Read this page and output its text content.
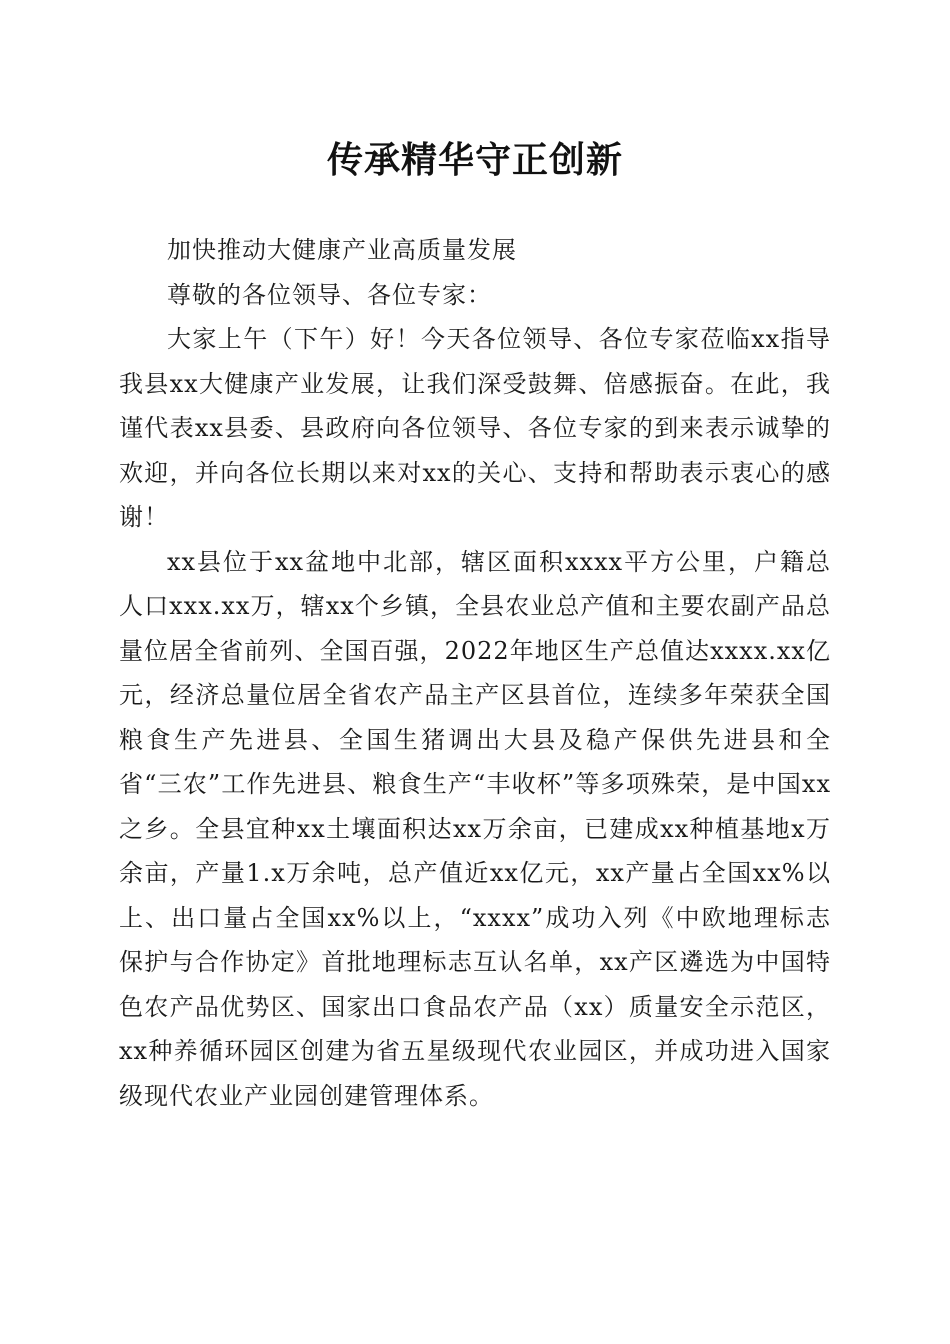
传承精华守正创新

加快推动大健康产业高质量发展

尊敬的各位领导、各位专家：

大家上午（下午）好！今天各位领导、各位专家莅临xx指导我县xx大健康产业发展，让我们深受鼓舞、倍感振奋。在此，我谨代表xx县委、县政府向各位领导、各位专家的到来表示诚挚的欢迎，并向各位长期以来对xx的关心、支持和帮助表示衷心的感谢！

xx县位于xx盆地中北部，辖区面积xxxx平方公里，户籍总人口xxx.xx万，辖xx个乡镇，全县农业总产值和主要农副产品总量位居全省前列、全国百强，2022年地区生产总值达xxxx.xx亿元，经济总量位居全省农产品主产区县首位，连续多年荣获全国粮食生产先进县、全国生猪调出大县及稳产保供先进县和全省“三农”工作先进县、粮食生产“丰收杯”等多项殊荣，是中国xx之乡。全县宜种xx土壤面积达xx万余亩，已建成xx种植基地x万余亩，产量1.x万余吨，总产值近xx亿元，xx产量占全国xx%以上、出口量占全国xx%以上，“xxxx”成功入列《中欧地理标志保护与合作协定》首批地理标志互认名单，xx产区遴选为中国特色农产品优势区、国家出口食品农产品（xx）质量安全示范区，xx种养循环园区创建为省五星级现代农业园区，并成功进入国家级现代农业产业园创建管理体系。
